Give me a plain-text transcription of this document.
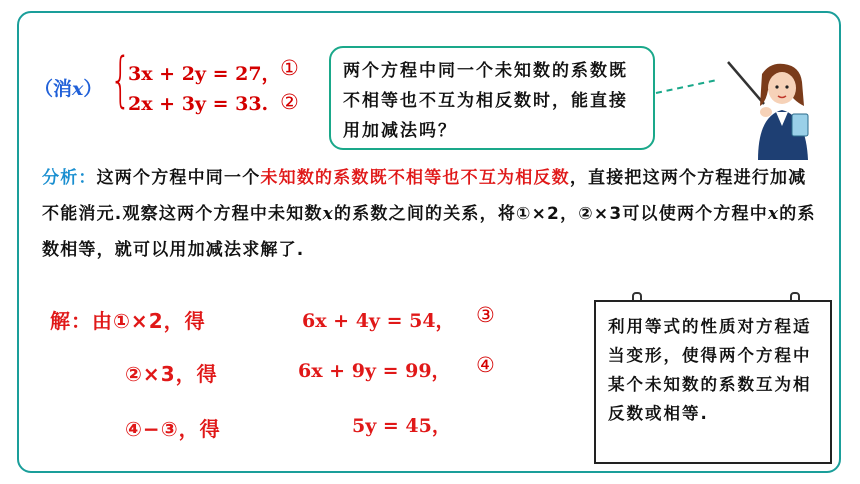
（消x） {
3x + 2y = 27， ①
2x + 3y = 33. ②
两个方程中同一个未知数的系数既不相等也不互为相反数时，能直接用加减法吗？
分析：这两个方程中同一个未知数的系数既不相等也不互为相反数，直接把这两个方程进行加减不能消元.观察这两个方程中未知数x的系数之间的关系，将①×2，②×3可以使两个方程中x的系数相等，就可以用加减法求解了.
解：由①×2，得	6x + 4y = 54， ③
②×3，得	6x + 9y = 99， ④
④−③，得	5y = 45，
利用等式的性质对方程适当变形，使得两个方程中某个未知数的系数互为相反数或相等.
